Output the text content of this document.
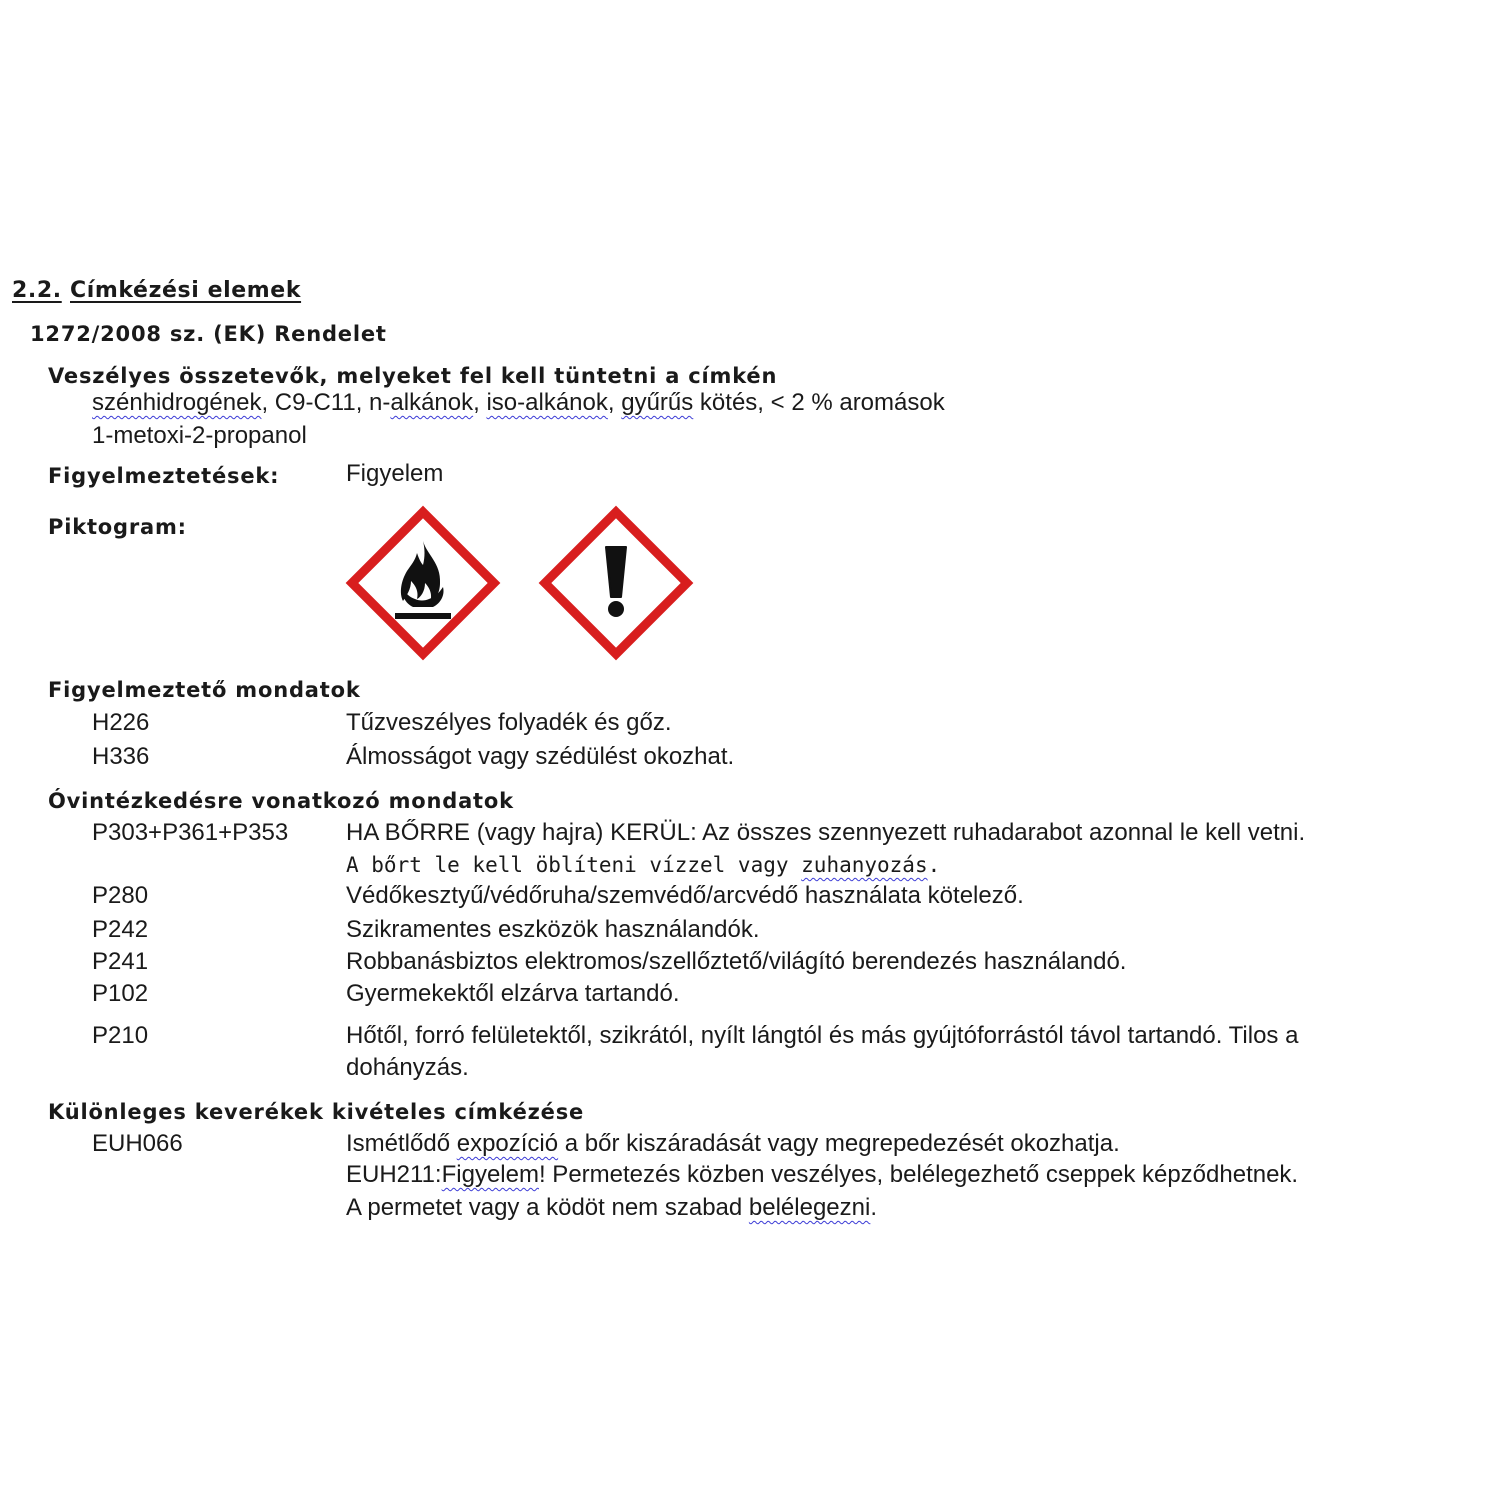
2.2. Címkézési elemek
1272/2008 sz. (EK) Rendelet
Veszélyes összetevők, melyeket fel kell tüntetni a címkén
szénhidrogének, C9-C11, n-alkánok, iso-alkánok, gyűrűs kötés, < 2 % aromások
1-metoxi-2-propanol
Figyelmeztetések:	Figyelem
Piktogram:
Figyelmeztető mondatok
H226	Tűzveszélyes folyadék és gőz.
H336	Álmosságot vagy szédülést okozhat.
Óvintézkedésre vonatkozó mondatok
P303+P361+P353 HA BŐRRE (vagy hajra) KERÜL: Az összes szennyezett ruhadarabot azonnal le kell vetni.
A bőrt le kell öblíteni vízzel vagy zuhanyozás.
P280	Védőkesztyű/védőruha/szemvédő/arcvédő használata kötelező.
P242	Szikramentes eszközök használandók.
P241	Robbanásbiztos elektromos/szellőztető/világító berendezés használandó.
P102	Gyermekektől elzárva tartandó.
P210	Hőtől, forró felületektől, szikrától, nyílt lángtól és más gyújtóforrástól távol tartandó. Tilos a
dohányzás.
Különleges keverékek kivételes címkézése
EUH066	Ismétlődő expozíció a bőr kiszáradását vagy megrepedezését okozhatja.
EUH211:Figyelem! Permetezés közben veszélyes, belélegezhető cseppek képződhetnek.
A permetet vagy a ködöt nem szabad belélegezni.
